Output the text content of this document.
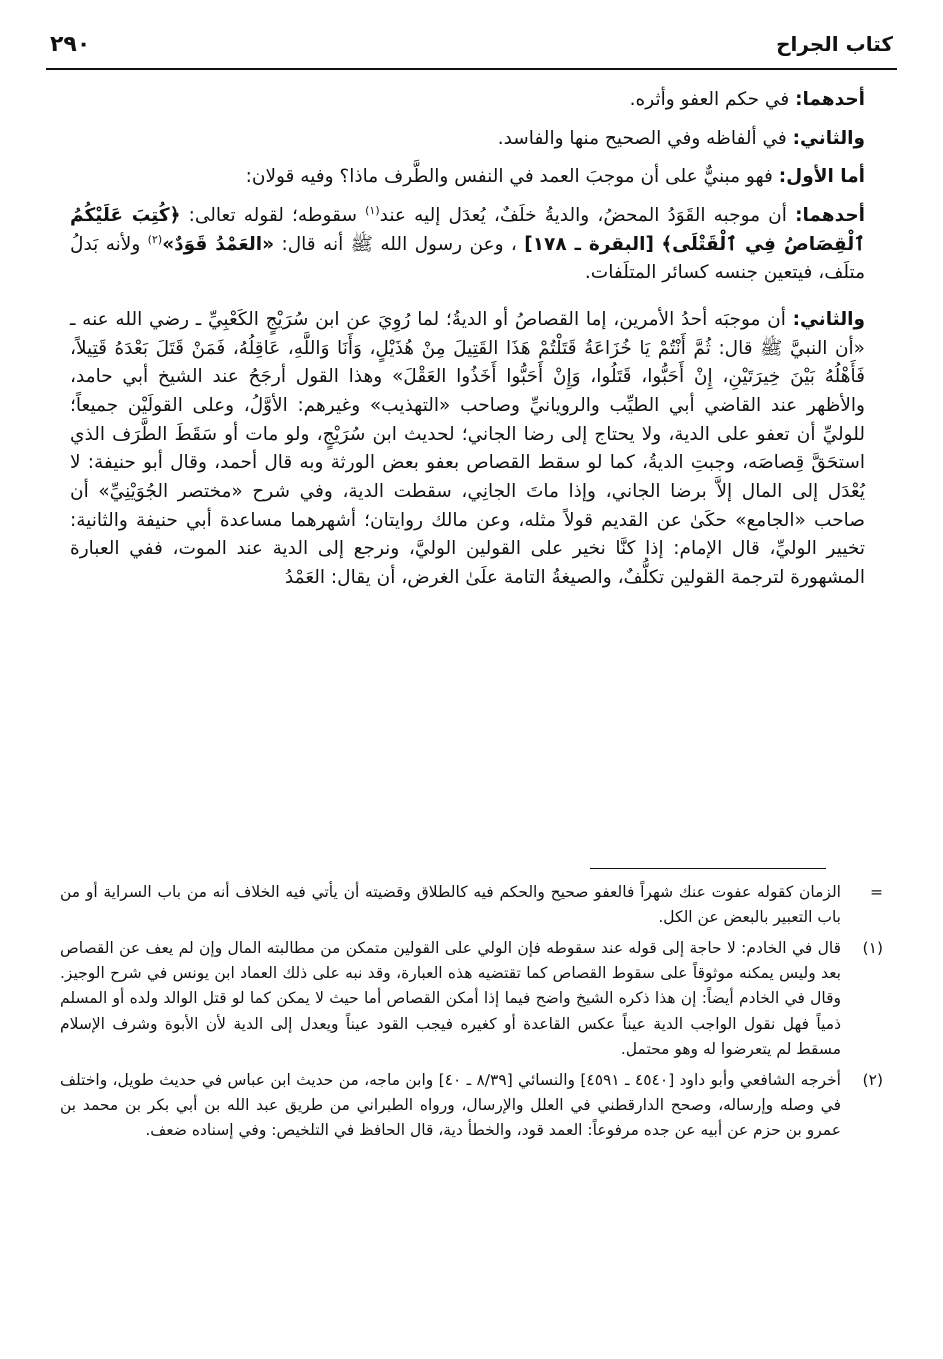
كتاب الجراح
٢٩٠

أحدهما: في حكم العفو وأثره.

والثاني: في ألفاظه وفي الصحيح منها والفاسد.

أما الأول: فهو مبنيٌّ على أن موجبَ العمد في النفس والطَّرف ماذا؟ وفيه قولان:

أحدهما: أن موجبه القَوَدُ المحضُ، والديةُ خلَفٌ، يُعدَل إليه عند$^{(١)}$ سقوطه؛ لقوله تعالى: ﴿كُتِبَ عَلَيْكُمُ ٱلْقِصَاصُ فِي ٱلْقَتْلَى﴾ [البقرة ـ ١٧٨] ، وعن رسول الله ﷺ أنه قال: «العَمْدُ قَوَدٌ»$^{(٢)}$ ولأنه بَدلُ متلَف، فيتعين جنسه كسائر المتلَفات.

والثاني: أن موجبَه أحدُ الأمرين، إما القصاصُ أو الديةُ؛ لما رُوِيَ عن ابن سُرَيْجٍ الكَعْبِيِّ ـ رضي الله عنه ـ «أن النبيَّ ﷺ قال: ثُمَّ أَنْتُمْ يَا خُزَاعَةُ قَتَلْتُمْ هَذَا القَتِيلَ مِنْ هُذَيْلٍ، وَأَنَا وَاللَّهِ، عَاقِلُهُ، فَمَنْ قَتَلَ بَعْدَهُ قَتِيلاً، فَأَهْلُهُ بَيْنَ خِيرَتَيْنِ، إِنْ أَحَبُّوا، قَتَلُوا، وَإِنْ أَحَبُّوا أَخَذُوا العَقْلَ» وهذا القول أرجَحُ عند الشيخ أبي حامد، والأظهر عند القاضي أبي الطيِّب والرويانيِّ وصاحب «التهذيب» وغيرهم: الأوَّلُ، وعلى القولَيْن جميعاً؛ للوليِّ أن تعفو على الدية، ولا يحتاج إلى رضا الجاني؛ لحديث ابن سُرَيْجٍ، ولو مات أو سَقَطَ الطَّرَف الذي استحَقَّ قِصاصَه، وجبتِ الديةُ، كما لو سقط القصاص بعفو بعض الورثة وبه قال أحمد، وقال أبو حنيفة: لا يُعْدَل إلى المال إلاَّ برضا الجاني، وإذا ماتَ الجانِي، سقطت الدية، وفي شرح «مختصر الجُوَيْنِيِّ» أن صاحب «الجامع» حكَىٰ عن القديم قولاً مثله، وعن مالك روايتان؛ أشهرهما مساعدة أبي حنيفة والثانية: تخيير الوليِّ، قال الإمام: إذا كنَّا نخير على القولين الوليَّ، ونرجع إلى الدية عند الموت، ففي العبارة المشهورة لترجمة القولين تكلُّفٌ، والصيغةُ التامة علَىٰ الغرض، أن يقال: العَمْدُ

=
الزمان كقوله عفوت عنك شهراً فالعفو صحيح والحكم فيه كالطلاق وقضيته أن يأتي فيه الخلاف أنه من باب السراية أو من باب التعبير بالبعض عن الكل.
(١)
قال في الخادم: لا حاجة إلى قوله عند سقوطه فإن الولي على القولين متمكن من مطالبته المال وإن لم يعف عن القصاص بعد وليس يمكنه موثوقاً على سقوط القصاص كما تقتضيه هذه العبارة، وقد نبه على ذلك العماد ابن يونس في شرح الوجيز. وقال في الخادم أيضاً: إن هذا ذكره الشيخ واضح فيما إذا أمكن القصاص أما حيث لا يمكن كما لو قتل الوالد ولده أو المسلم ذمياً فهل نقول الواجب الدية عيناً عكس القاعدة أو كغيره فيجب القود عيناً ويعدل إلى الدية لأن الأبوة وشرف الإسلام مسقط لم يتعرضوا له وهو محتمل.
(٢)
أخرجه الشافعي وأبو داود [٤٥٤٠ ـ ٤٥٩١] والنسائي [٨/٣٩ ـ ٤٠] وابن ماجه، من حديث ابن عباس في حديث طويل، واختلف في وصله وإرساله، وصحح الدارقطني في العلل والإرسال، ورواه الطبراني من طريق عبد الله بن أبي بكر بن محمد بن عمرو بن حزم عن أبيه عن جده مرفوعاً: العمد قود، والخطأ دية، قال الحافظ في التلخيص: وفي إسناده ضعف.
